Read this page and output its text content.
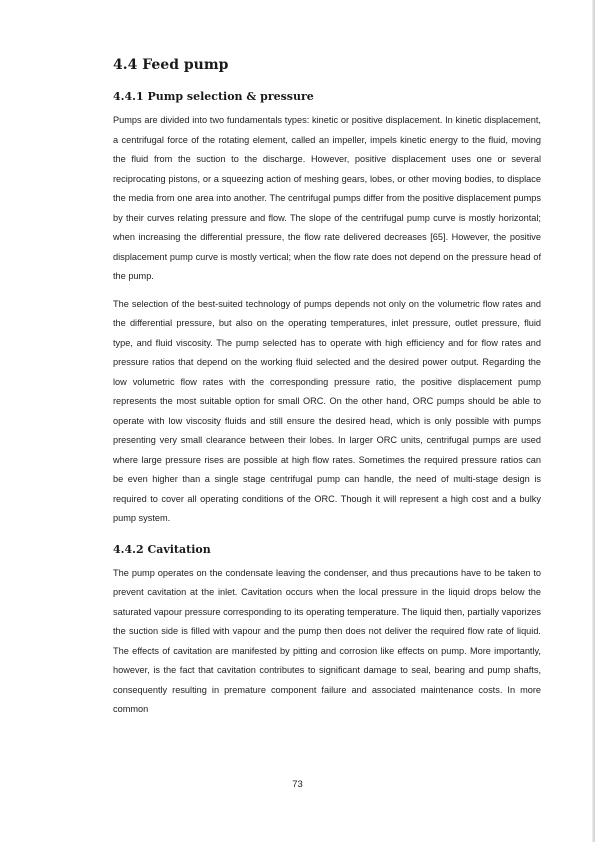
4.4 Feed pump
4.4.1 Pump selection & pressure

Pumps are divided into two fundamentals types: kinetic or positive displacement. In kinetic displacement, a centrifugal force of the rotating element, called an impeller, impels kinetic energy to the fluid, moving the fluid from the suction to the discharge. However, positive displacement uses one or several reciprocating pistons, or a squeezing action of meshing gears, lobes, or other moving bodies, to displace the media from one area into another. The centrifugal pumps differ from the positive displacement pumps by their curves relating pressure and flow. The slope of the centrifugal pump curve is mostly horizontal; when increasing the differential pressure, the flow rate delivered decreases [65]. However, the positive displacement pump curve is mostly vertical; when the flow rate does not depend on the pressure head of the pump.

The selection of the best-suited technology of pumps depends not only on the volumetric flow rates and the differential pressure, but also on the operating temperatures, inlet pressure, outlet pressure, fluid type, and fluid viscosity. The pump selected has to operate with high efficiency and for flow rates and pressure ratios that depend on the working fluid selected and the desired power output. Regarding the low volumetric flow rates with the corresponding pressure ratio, the positive displacement pump represents the most suitable option for small ORC. On the other hand, ORC pumps should be able to operate with low viscosity fluids and still ensure the desired head, which is only possible with pumps presenting very small clearance between their lobes. In larger ORC units, centrifugal pumps are used where large pressure rises are possible at high flow rates. Sometimes the required pressure ratios can be even higher than a single stage centrifugal pump can handle, the need of multi-stage design is required to cover all operating conditions of the ORC. Though it will represent a high cost and a bulky pump system.

4.4.2 Cavitation

The pump operates on the condensate leaving the condenser, and thus precautions have to be taken to prevent cavitation at the inlet. Cavitation occurs when the local pressure in the liquid drops below the saturated vapour pressure corresponding to its operating temperature. The liquid then, partially vaporizes the suction side is filled with vapour and the pump then does not deliver the required flow rate of liquid. The effects of cavitation are manifested by pitting and corrosion like effects on pump. More importantly, however, is the fact that cavitation contributes to significant damage to seal, bearing and pump shafts, consequently resulting in premature component failure and associated maintenance costs. In more common

73
